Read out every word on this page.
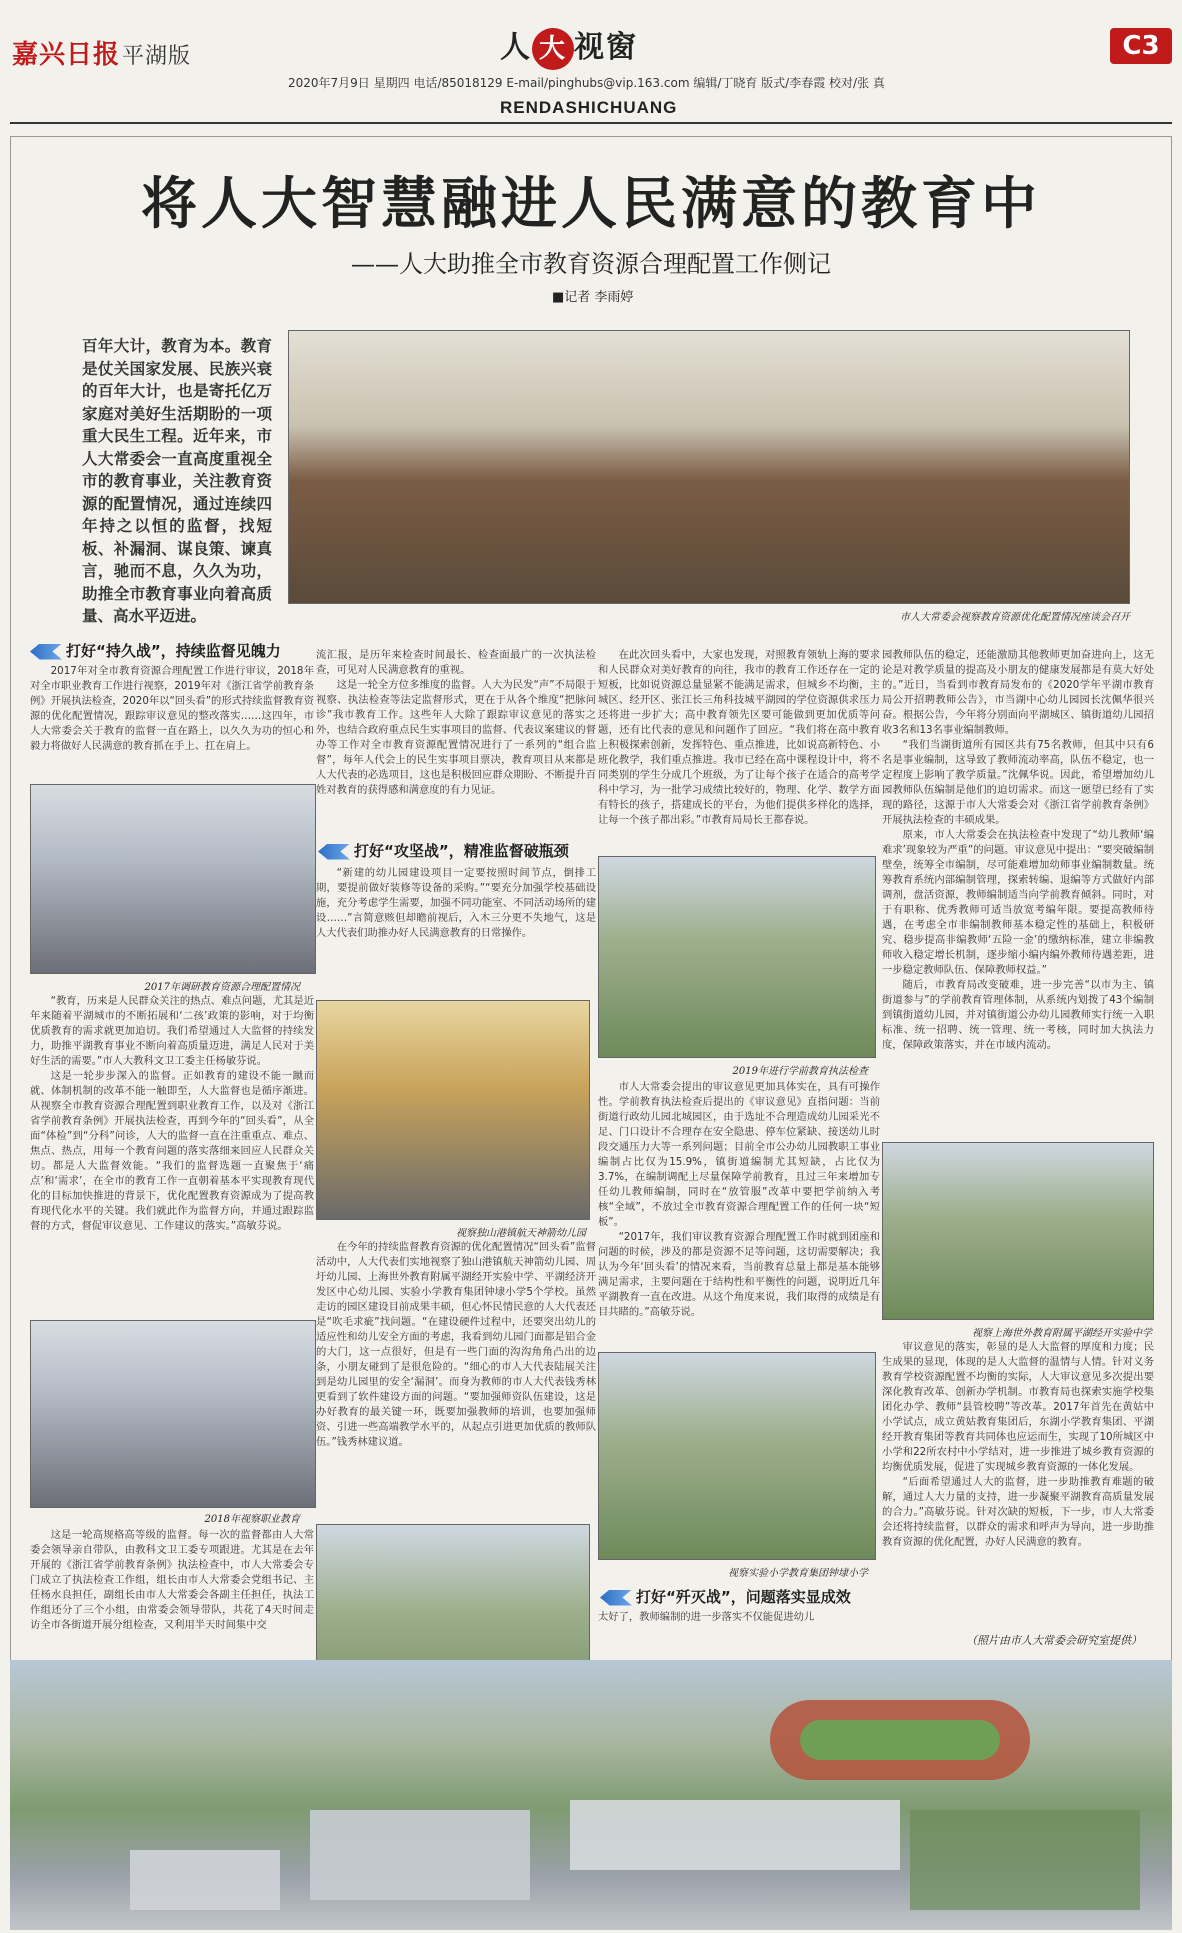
嘉兴日报平湖版	人 大 视窗	C3
2020年7月9日 星期四 电话/85018129 E-mail/pinghubs@vip.163.com 编辑/丁晓育 版式/李春霞 校对/张 真
RENDASHICHUANG
将人大智慧融进人民满意的教育中
——人大助推全市教育资源合理配置工作侧记
■记者 李雨婷
百年大计，教育为本。教育是仗关国家发展、民族兴衰的百年大计，也是寄托亿万家庭对美好生活期盼的一项重大民生工程。近年来，市人大常委会一直高度重视全市的教育事业，关注教育资源的配置情况，通过连续四年持之以恒的监督，找短板、补漏洞、谋良策、谏真言，驰而不息，久久为功，助推全市教育事业向着高质量、高水平迈进。	市人大常委会视察教育资源优化配置情况座谈会召开
打好“持久战”，持续监督见魄力

2017年对全市教育资源合理配置工作进行审议，2018年对全市职业教育工作进行视察，2019年对《浙江省学前教育条例》开展执法检查，2020年以“回头看”的形式持续监督教育资源的优化配置情况，跟踪审议意见的整改落实……这四年，市人大常委会关于教育的监督一直在路上，以久久为功的恒心和毅力将做好人民满意的教育抓在手上、扛在肩上。

2017年调研教育资源合理配置情况

“教育，历来是人民群众关注的热点、难点问题，尤其是近年来随着平湖城市的不断拓展和‘二孩’政策的影响，对于均衡优质教育的需求就更加迫切。我们希望通过人大监督的持续发力，助推平湖教育事业不断向着高质量迈进，满足人民对于美好生活的需要。”市人大教科文卫工委主任杨敏芬说。

这是一轮步步深入的监督。正如教育的建设不能一蹴而就、体制机制的改革不能一触即至，人大监督也是循序渐进。从视察全市教育资源合理配置到职业教育工作，以及对《浙江省学前教育条例》开展执法检查，再到今年的“回头看”，从全面“体检”到“分科”问诊，人大的监督一直在注重重点、难点、焦点、热点，用每一个教育问题的落实落细来回应人民群众关切。都是人大监督效能。“我们的监督选题一直聚焦于‘痛点’和‘需求’，在全市的教育工作一直朝着基本平实现教育现代化的目标加快推进的背景下，优化配置教育资源成为了提高教育现代化水平的关键。我们就此作为监督方向，并通过跟踪监督的方式，督促审议意见、工作建议的落实。”高敏芬说。

2018年视察职业教育

这是一轮高规格高等级的监督。每一次的监督都由人大常委会领导亲自带队，由教科文卫工委专项跟进。尤其是在去年开展的《浙江省学前教育条例》执法检查中，市人大常委会专门成立了执法检查工作组，组长由市人大常委会党组书记、主任杨水良担任，副组长由市人大常委会各副主任担任，执法工作组还分了三个小组，由常委会领导带队，共花了4天时间走访全市各街道开展分组检查，又利用半天时间集中交

流汇报，是历年来检查时间最长、检查面最广的一次执法检查，可见对人民满意教育的重视。

这是一轮全方位多维度的监督。人大为民发“声”不局限于视察、执法检查等法定监督形式，更在于从各个维度“把脉问诊”我市教育工作。这些年人大除了跟踪审议意见的落实之外，也结合政府重点民生实事项目的监督、代表议案建议的督办等工作对全市教育资源配置情况进行了一系列的“组合监督”，每年人代会上的民生实事项目票决，教育项目从来都是人大代表的必选项目，这也是积极回应群众期盼、不断提升百姓对教育的获得感和满意度的有力见证。

打好“攻坚战”，精准监督破瓶颈

“新建的幼儿园建设项目一定要按照时间节点，倒排工期，要提前做好装修等设备的采购。”“要充分加强学校基础设施，充分考虑学生需要，加强不同功能室、不同活动场所的建设……”言简意赅但却瞻前视后，入木三分更不失地气，这是人大代表们助推办好人民满意教育的日常操作。

视察独山港镇航天神箭幼儿园

在今年的持续监督教育资源的优化配置情况“回头看”监督活动中，人大代表们实地视察了独山港镇航天神箭幼儿园、周圩幼儿园、上海世外教育附属平湖经开实验中学、平湖经济开发区中心幼儿园、实验小学教育集团钟埭小学5个学校。虽然走访的园区建设目前成果丰硕，但心怀民情民意的人大代表还是“吹毛求疵”找问题。“在建设硬件过程中，还要突出幼儿的适应性和幼儿安全方面的考虑，我看到幼儿园门面都是铝合金的大门，这一点很好，但是有一些门面的沟沟角角凸出的边条，小朋友碰到了是很危险的。“细心的市人大代表陆展关注到是幼儿园里的安全‘漏洞’。而身为教师的市人大代表钱秀林更看到了软件建设方面的问题。“要加强师资队伍建设，这是办好教育的最关键一环，既要加强教师的培训，也要加强师资、引进一些高端教学水平的，从起点引进更加优质的教师队伍。”钱秀林建议道。

在此次回头看中，大家也发现，对照教育领轨上海的要求和人民群众对美好教育的向往，我市的教育工作还存在一定的短板，比如说资源总量显紧不能满足需求，但城乡不均衡，主城区、经开区、张江长三角科技城平湖园的学位资源供求压力还将进一步扩大；高中教育领先区要可能做到更加优质等问题，还有比代表的意见和问题作了回应。“我们将在高中教育上积极探索创新，发挥特色、重点推进，比如说高新特色、小班化教学，我们重点推进。我市已经在高中课程设计中，将不同类别的学生分成几个班级，为了让每个孩子在适合的高考学科中学习，为一批学习成绩比较好的，物理、化学、数学方面有特长的孩子，搭建成长的平台，为他们提供多样化的选择，让每一个孩子都出彩。”市教育局局长王都春说。

2019年进行学前教育执法检查

市人大常委会提出的审议意见更加具体实在，具有可操作性。学前教育执法检查后提出的《审议意见》直指问题：当前街道行政幼儿园北城园区，由于选址不合理造成幼儿园采光不足、门口设计不合理存在安全隐患、停车位紧缺、接送幼儿时段交通压力大等一系列问题；目前全市公办幼儿园教职工事业编制占比仅为15.9%，镇街道编制尤其短缺，占比仅为3.7%，在编制调配上尽量保障学前教育，且过三年来增加专任幼儿教师编制，同时在“放管服”改革中要把学前纳入考核“全域”，不放过全市教育资源合理配置工作的任何一块“短板”。

“2017年，我们审议教育资源合理配置工作时就到团座和问题的时候，涉及的都是资源不足等问题，这切需要解决；我认为今年‘回头看’的情况来看，当前教育总量上都是基本能够满足需求，主要问题在于结构性和平衡性的问题，说明近几年平湖教育一直在改进。从这个角度来说，我们取得的成绩是有目共睹的。”高敏芬说。

视察实验小学教育集团钟埭小学
打好“歼灭战”，问题落实显成效

太好了，教师编制的进一步落实不仅能促进幼儿

园教师队伍的稳定，还能激励其他教师更加奋进向上，这无论是对教学质量的提高及小朋友的健康发展都是有莫大好处的。”近日，当看到市教育局发布的《2020学年平湖市教育局公开招聘教师公告》，市当湖中心幼儿园园长沈佩华很兴奋。根据公告，今年将分别面向平湖城区、镇街道幼儿园招收3名和13名事业编制教师。

“我们当湖街道所有园区共有75名教师，但其中只有6名是事业编制，这导致了教师流动率高，队伍不稳定，也一定程度上影响了教学质量。”沈佩华说。因此，希望增加幼儿园教师队伍编制是他们的迫切需求。而这一愿望已经有了实现的路径，这源于市人大常委会对《浙江省学前教育条例》开展执法检查的丰硕成果。

原来，市人大常委会在执法检查中发现了“幼儿教师‘编难求’现象较为严重”的问题。审议意见中提出：“要突破编制壁垒，统筹全市编制，尽可能难增加幼师事业编制数量。统筹教育系统内部编制管理，探索转编、退编等方式做好内部调剂，盘活资源，教师编制适当向学前教育倾斜。同时，对于有职称、优秀教师可适当放宽考编年限。要提高教师待遇，在考虑全市非编制教师基本稳定性的基础上，积极研究、稳步提高非编教师‘五险一金’的缴纳标准，建立非编教师收入稳定增长机制，逐步缩小编内编外教师待遇差距，进一步稳定教师队伍、保障教师权益。”

随后，市教育局改变破难，进一步完善“以市为主、镇街道参与”的学前教育管理体制，从系统内划拨了43个编制到镇街道幼儿园，并对镇街道公办幼儿园教师实行统一入职标准、统一招聘、统一管理、统一考核，同时加大执法力度，保障政策落实，并在市域内流动。

视察上海世外教育附属平湖经开实验中学

审议意见的落实，彰显的是人大监督的厚度和力度；民生成果的显现，体现的是人大监督的温情与人情。针对义务教育学校资源配置不均衡的实际，人大审议意见多次提出要深化教育改革、创新办学机制。市教育局也探索实施学校集团化办学、教师“县管校聘”等改革。2017年首先在黄姑中小学试点，成立黄姑教育集团后，东湖小学教育集团、平湖经开教育集团等教育共同体也应运而生，实现了10所城区中小学和22所农村中小学结对，进一步推进了城乡教育资源的均衡优质发展，促进了实现城乡教育资源的一体化发展。

“后面希望通过人大的监督，进一步助推教育难题的破解，通过人大力量的支持，进一步凝聚平湖教育高质量发展的合力。”高敏芬说。针对次缺的短板，下一步，市人大常委会还将持续监督，以群众的需求和呼声为导向，进一步助推教育资源的优化配置，办好人民满意的教育。

（照片由市人大常委会研究室提供）
